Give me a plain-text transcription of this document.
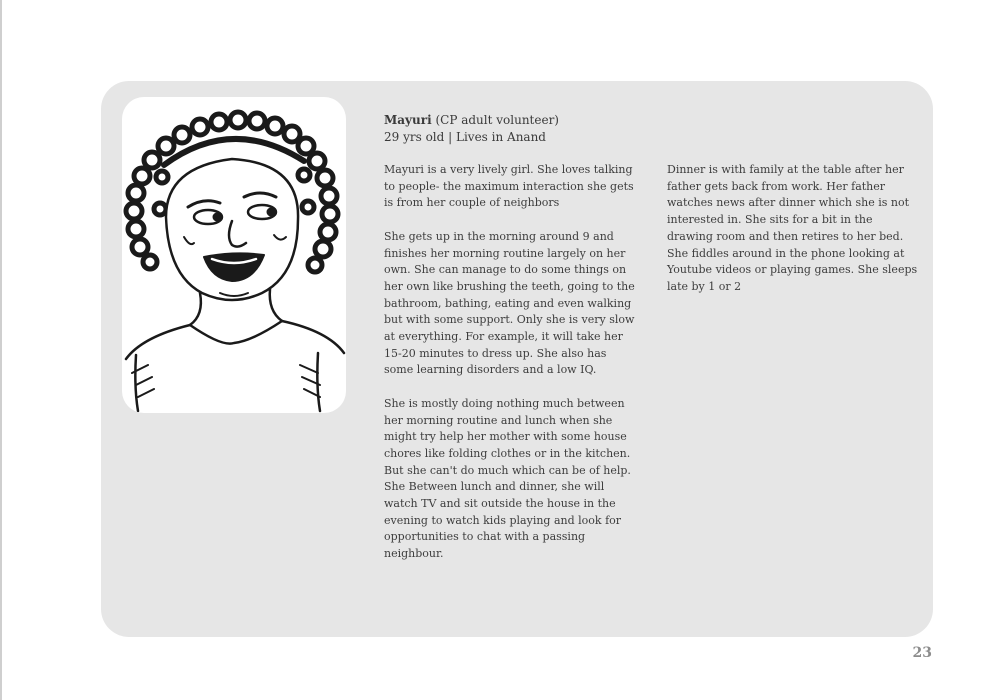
Mayuri (CP adult volunteer)
29 yrs old | Lives in Anand

Mayuri is a very lively girl. She loves talking to people- the maximum interaction she gets is from her couple of neighbors

She gets up in the morning around 9 and finishes her morning routine largely on her own. She can manage to do some things on her own like brushing the teeth, going to the bathroom, bathing, eating and even walking but with some support. Only she is very slow at everything. For example, it will take her 15-20 minutes to dress up. She also has some learning disorders and a low IQ.

She is mostly doing nothing much between her morning routine and lunch when she might try help her mother with some house chores like folding clothes or in the kitchen. But she can't do much which can be of help. She Between lunch and dinner, she will watch TV and sit outside the house in the evening to watch kids playing and look for opportunities to chat with a passing neighbour.

Dinner is with family at the table after her father gets back from work. Her father watches news after dinner which she is not interested in. She sits for a bit in the drawing room and then retires to her bed. She fiddles around in the phone looking at Youtube videos or playing games. She sleeps late by 1 or 2

23
